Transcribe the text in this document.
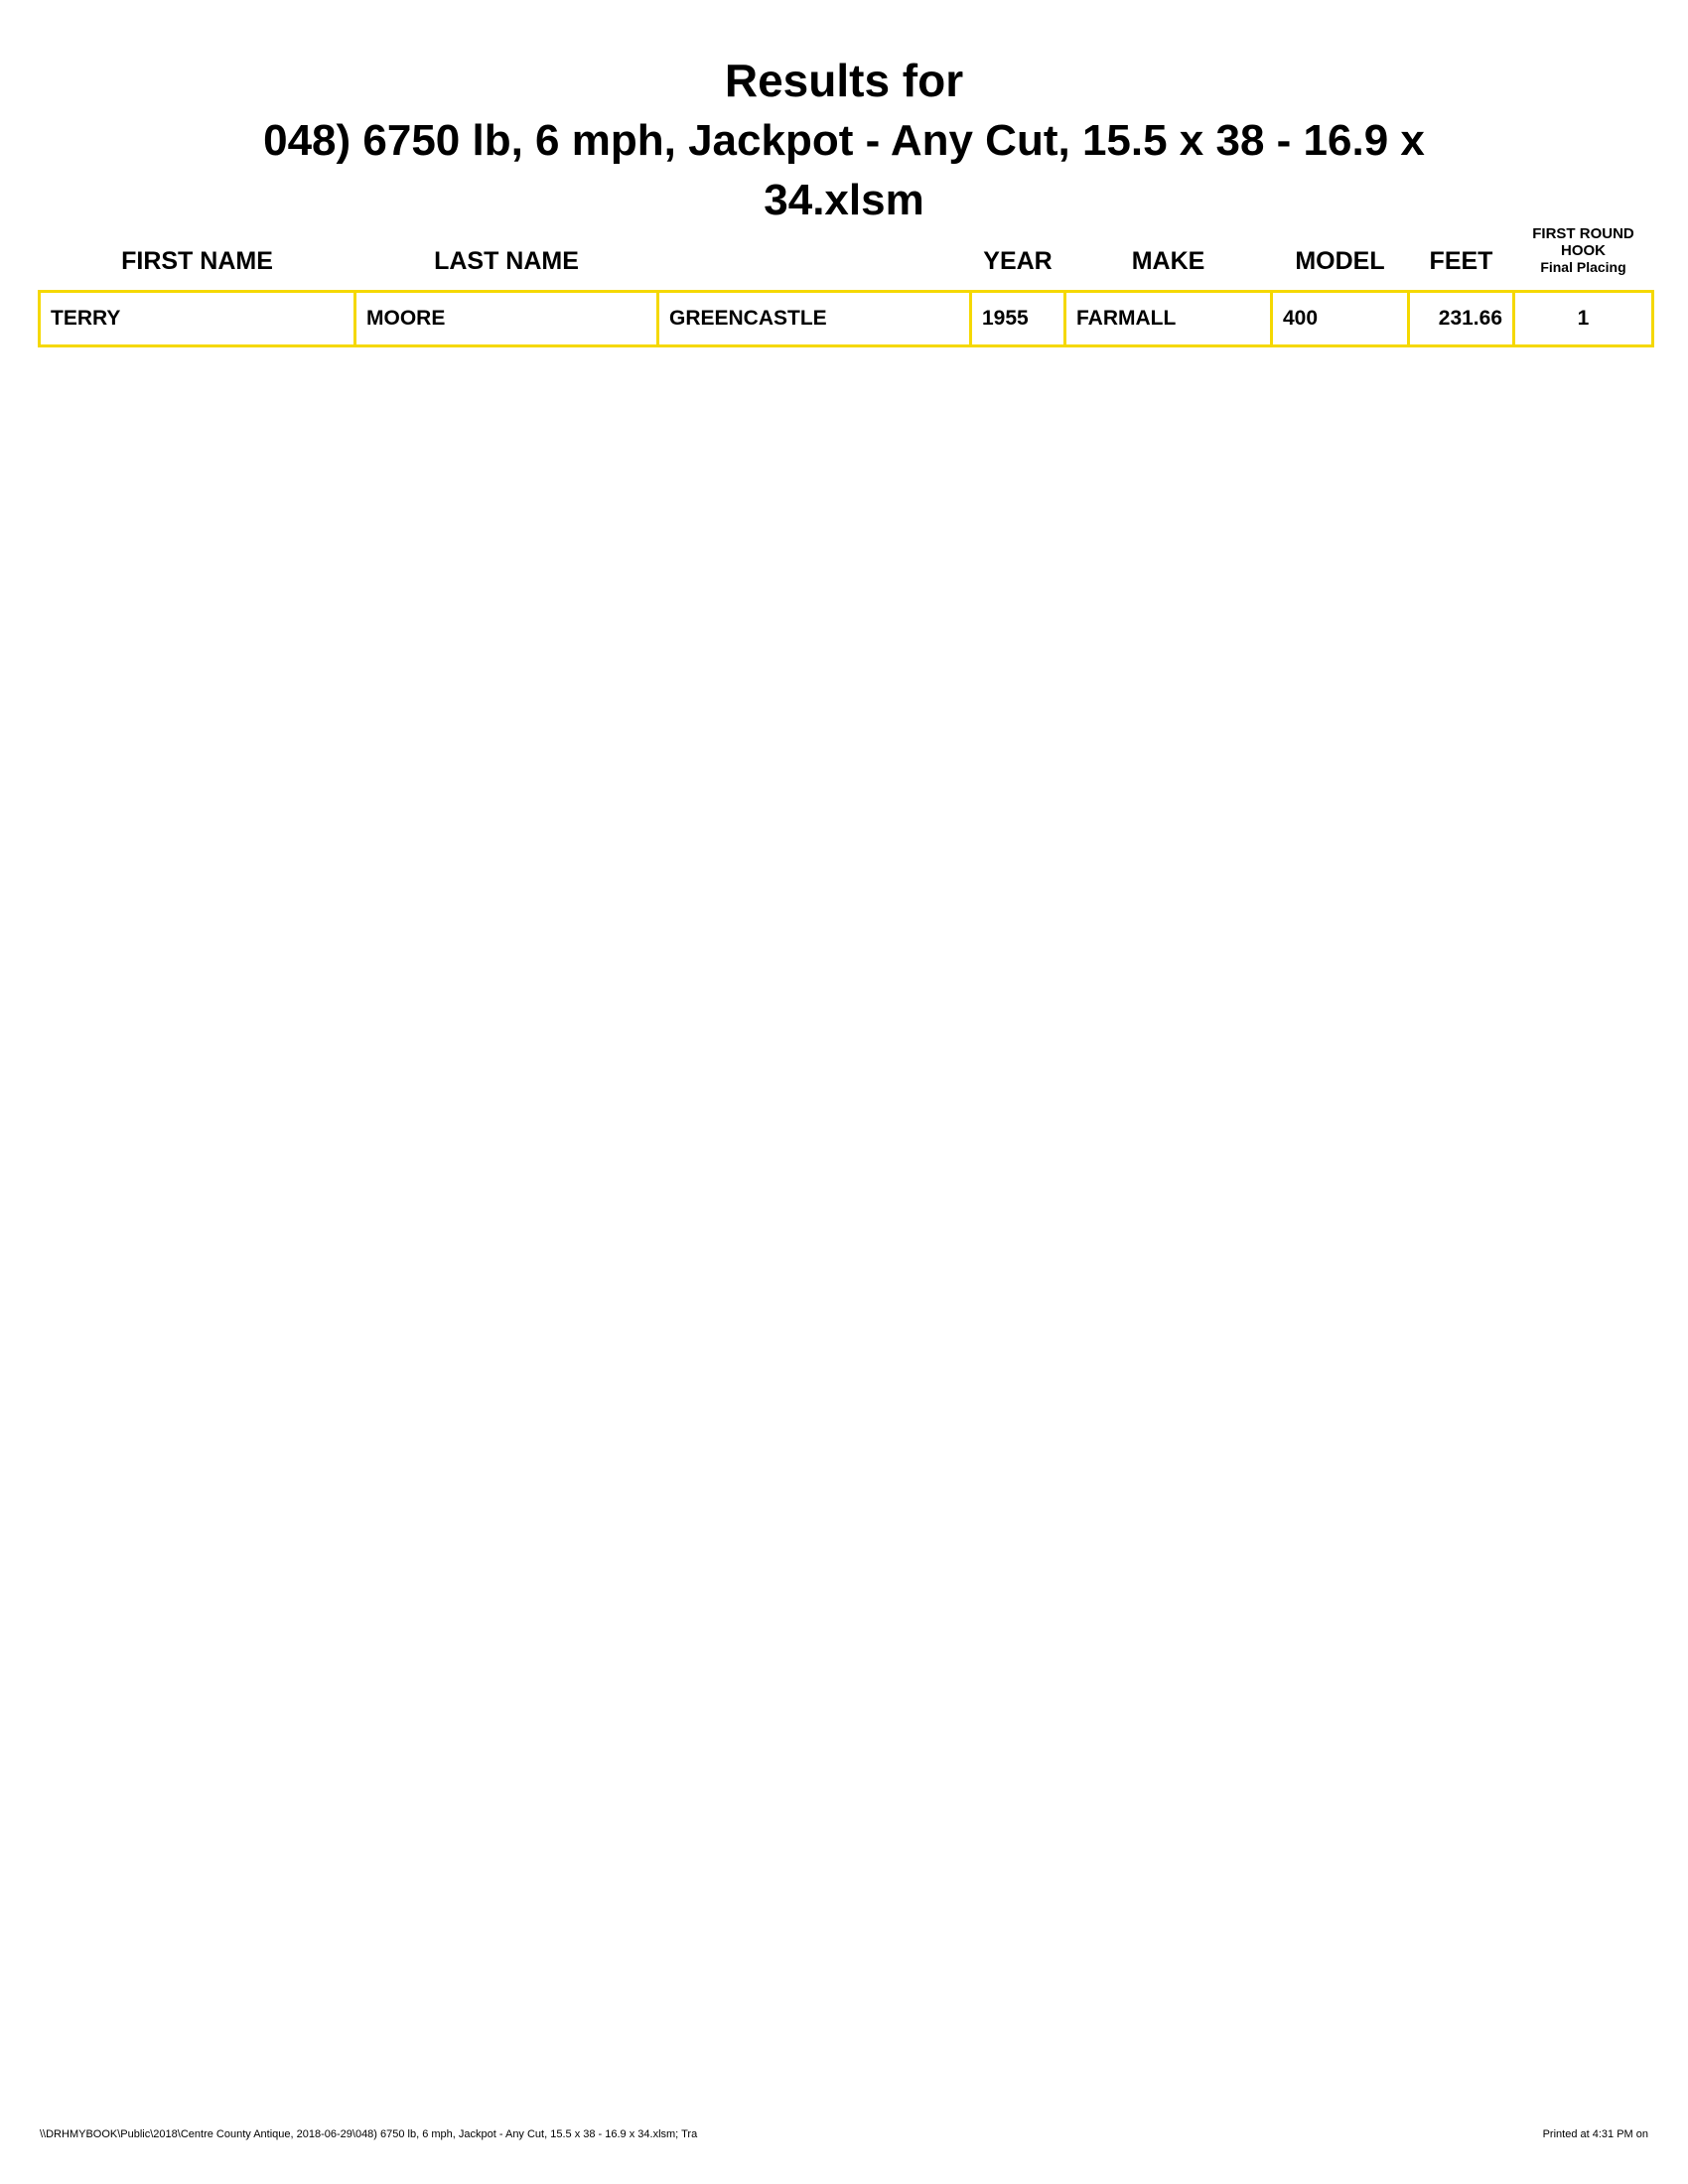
Results for
048) 6750 lb, 6 mph, Jackpot - Any Cut, 15.5 x 38 - 16.9 x
34.xlsm
FIRST NAME	LAST NAME		YEAR	MAKE	MODEL	FEET	FIRST ROUND
HOOK
Final Placing

TERRY	MOORE	GREENCASTLE	1955	FARMALL	400	231.66	1
\\DRHMYBOOK\Public\2018\Centre County Antique, 2018-06-29\048) 6750 lb, 6 mph, Jackpot - Any Cut, 15.5 x 38 - 16.9 x 34.xlsm; Tra	Printed at 4:31 PM on
